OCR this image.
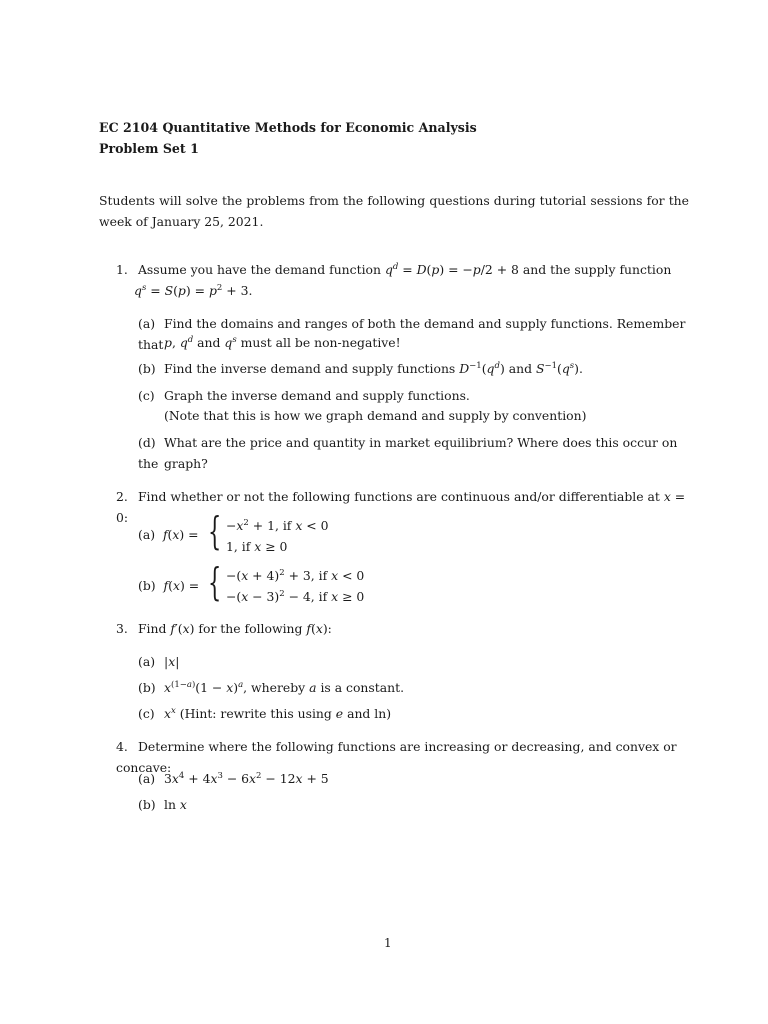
EC 2104 Quantitative Methods for Economic Analysis
Problem Set 1
Students will solve the problems from the following questions during tutorial sessions for the week of January 25, 2021.
1. Assume you have the demand function $q^d = D(p) = -p/2 + 8$ and the supply function
$q^s = S(p) = p^2 + 3$.
(a) Find the domains and ranges of both the demand and supply functions. Remember that p, $q^d$ and $q^s$ must all be non-negative!
(b) Find the inverse demand and supply functions $D^{-1}(q^d)$ and $S^{-1}(q^s)$.
(c) Graph the inverse demand and supply functions.
(Note that this is how we graph demand and supply by convention)
(d) What are the price and quantity in market equilibrium? Where does this occur on the graph?
2. Find whether or not the following functions are continuous and/or differentiable at x = 0:
(a) f(x) = { $-x^2 + 1$, if x < 0
1, if x ≥ 0
(b) f(x) = { $-(x + 4)^2 + 3$, if x < 0
$-(x - 3)^2 - 4$, if x ≥ 0
3. Find f′(x) for the following f(x):
(a) |x|
(b) $x^{(1-a)}(1 - x)^a$, whereby a is a constant.
(c) $x^x$ (Hint: rewrite this using e and ln)
4. Determine where the following functions are increasing or decreasing, and convex or concave:
(a) $3x^4 + 4x^3 - 6x^2 - 12x + 5$
(b) ln x
1
